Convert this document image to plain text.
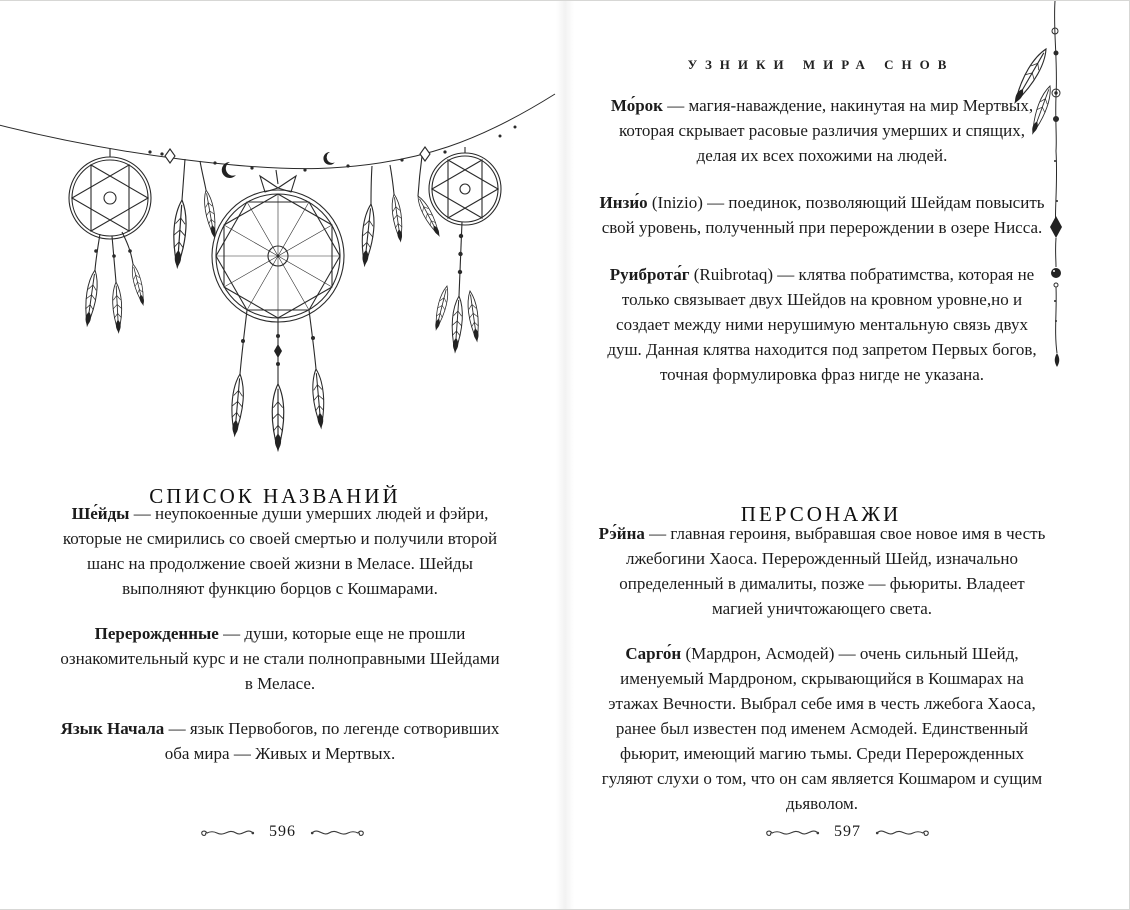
СПИСОК НАЗВАНИЙ

Ше́йды — неупокоенные души умерших людей и фэйри, которые не смирились со своей смертью и получили второй шанс на продолжение своей жизни в Меласе. Шейды выполняют функцию борцов с Кошмарами.

Перерожденные — души, которые еще не прошли ознакомительный курс и не стали полноправными Шейдами в Меласе.

Язык Начала — язык Первобогов, по легенде сотворивших оба мира — Живых и Мертвых.

596
УЗНИКИ МИРА СНОВ

Мо́рок — магия-наваждение, накинутая на мир Мертвых, которая скрывает расовые различия умерших и спящих, делая их всех похожими на людей.

Инзи́о (Inizio) — поединок, позволяющий Шейдам повысить свой уровень, полученный при перерождении в озере Нисса.

Руиброта́г (Ruibrotaq) — клятва побратимства, которая не только связывает двух Шейдов на кровном уровне,но и создает между ними нерушимую ментальную связь двух душ. Данная клятва находится под запретом Первых богов, точная формулировка фраз нигде не указана.

ПЕРСОНАЖИ

Рэ́йна — главная героиня, выбравшая свое новое имя в честь лжебогини Хаоса. Перерожденный Шейд, изначально определенный в дималиты, позже — фьюриты. Владеет магией уничтожающего света.

Сарго́н (Мардрон, Асмодей) — очень сильный Шейд, именуемый Мардроном, скрывающийся в Кошмарах на этажах Вечности. Выбрал себе имя в честь лжебога Хаоса, ранее был известен под именем Асмодей. Единственный фьюрит, имеющий магию тьмы. Среди Перерожденных гуляют слухи о том, что он сам является Кошмаром и сущим дьяволом.

597
